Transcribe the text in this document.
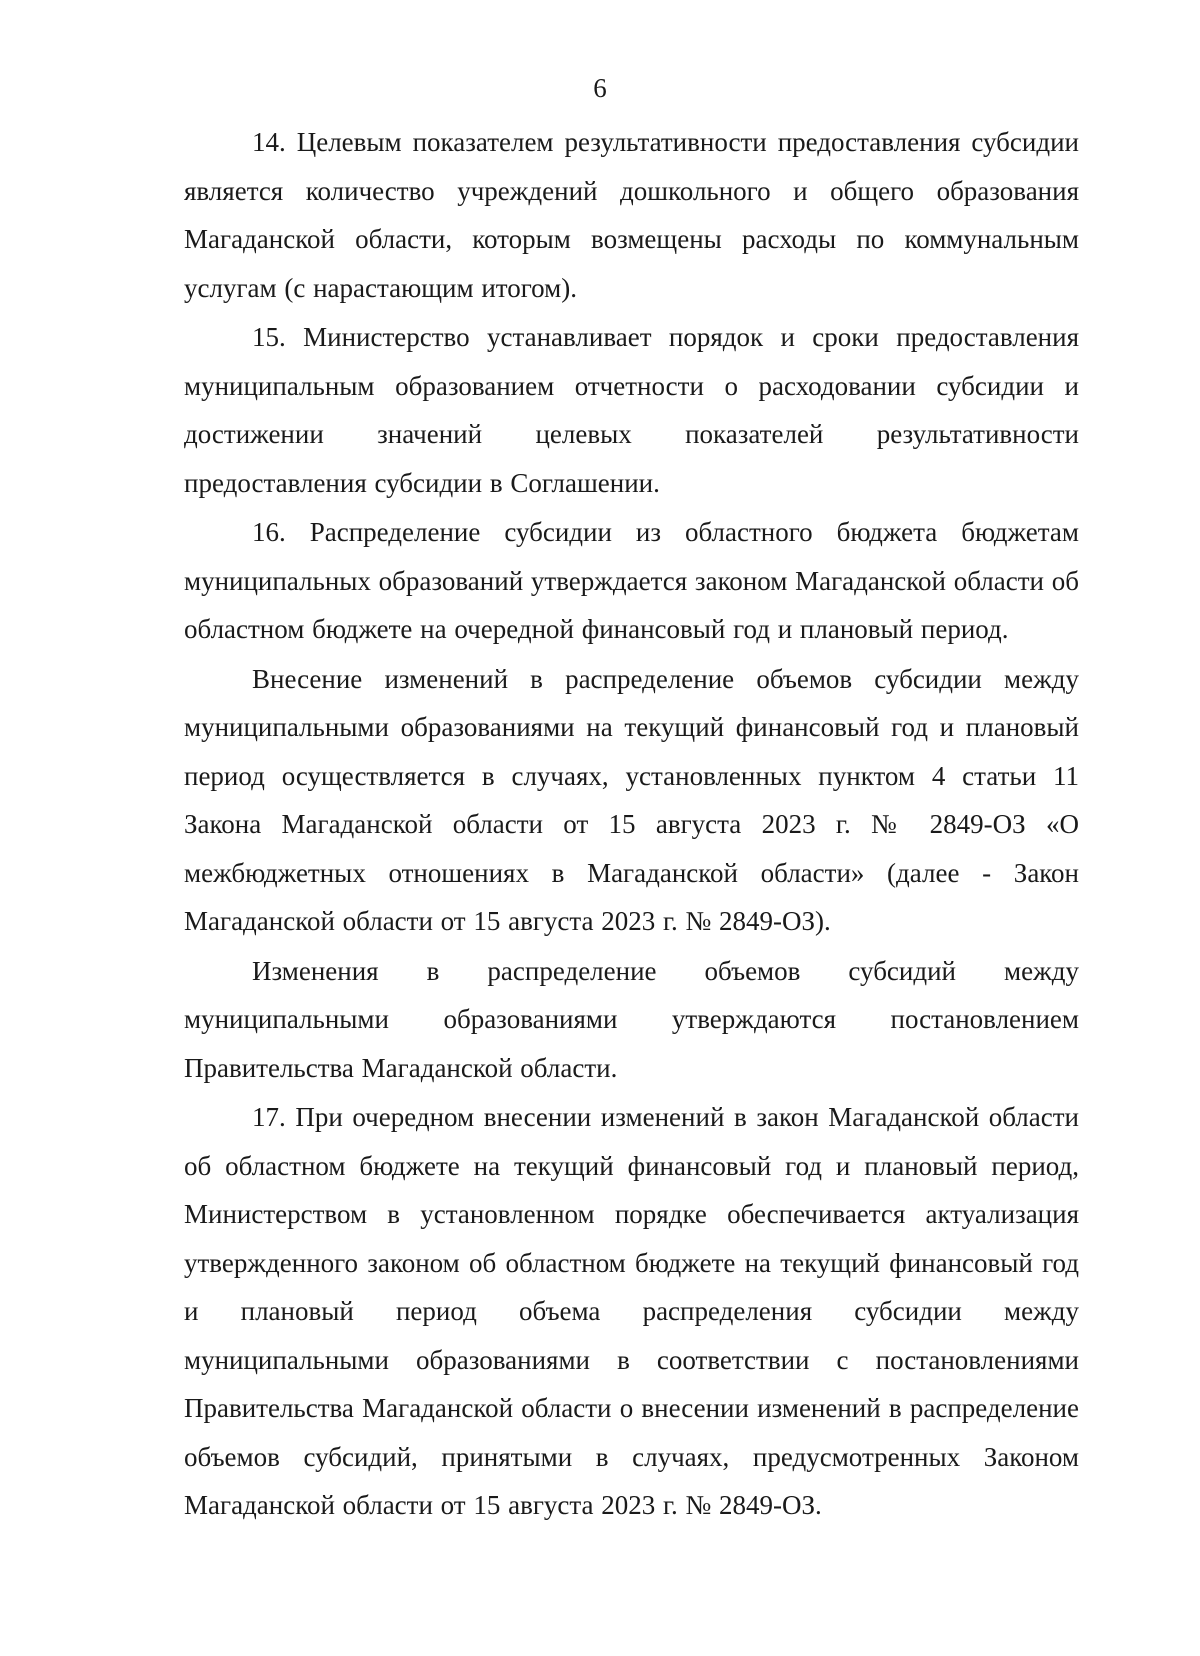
6

14. Целевым показателем результативности предоставления субсидии является количество учреждений дошкольного и общего образования Магаданской области, которым возмещены расходы по коммунальным услугам (с нарастающим итогом).

15. Министерство устанавливает порядок и сроки предоставления муниципальным образованием отчетности о расходовании субсидии и достижении значений целевых показателей результативности предоставления субсидии в Соглашении.

16. Распределение субсидии из областного бюджета бюджетам муниципальных образований утверждается законом Магаданской области об областном бюджете на очередной финансовый год и плановый период.

Внесение изменений в распределение объемов субсидии между муниципальными образованиями на текущий финансовый год и плановый период осуществляется в случаях, установленных пунктом 4 статьи 11 Закона Магаданской области от 15 августа 2023 г. № 2849-ОЗ «О межбюджетных отношениях в Магаданской области» (далее - Закон Магаданской области от 15 августа 2023 г. № 2849-ОЗ).

Изменения в распределение объемов субсидий между муниципальными образованиями утверждаются постановлением Правительства Магаданской области.

17. При очередном внесении изменений в закон Магаданской области об областном бюджете на текущий финансовый год и плановый период, Министерством в установленном порядке обеспечивается актуализация утвержденного законом об областном бюджете на текущий финансовый год и плановый период объема распределения субсидии между муниципальными образованиями в соответствии с постановлениями Правительства Магаданской области о внесении изменений в распределение объемов субсидий, принятыми в случаях, предусмотренных Законом Магаданской области от 15 августа 2023 г. № 2849-ОЗ.
